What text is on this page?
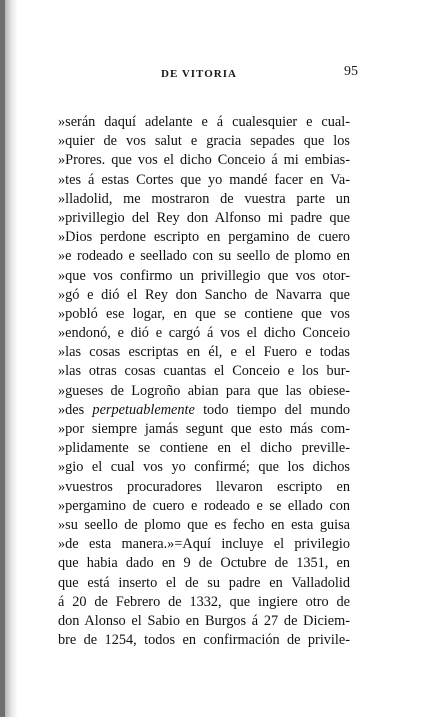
DE VITORIA	95
»serán daquí adelante e á cualesquier e cual-
»quier de vos salut e gracia sepades que los
»Prores. que vos el dicho Conceio á mi embias-
»tes á estas Cortes que yo mandé facer en Va-
»lladolid, me mostraron de vuestra parte un
»privillegio del Rey don Alfonso mi padre que
»Dios perdone escripto en pergamino de cuero
»e rodeado e seellado con su seello de plomo en
»que vos confirmo un privillegio que vos otor-
»gó e dió el Rey don Sancho de Navarra que
»pobló ese logar, en que se contiene que vos
»endonó, e dió e cargó á vos el dicho Conceio
»las cosas escriptas en él, e el Fuero e todas
»las otras cosas cuantas el Conceio e los bur-
»gueses de Logroño abian para que las obiese-
»des perpetuablemente todo tiempo del mundo
»por siempre jamás segunt que esto más com-
»plidamente se contiene en el dicho preville-
»gio el cual vos yo confirmé; que los dichos
»vuestros procuradores llevaron escripto en
»pergamino de cuero e rodeado e se ellado con
»su seello de plomo que es fecho en esta guisa
»de esta manera.»=Aquí incluye el privilegio
que habia dado en 9 de Octubre de 1351, en
que está inserto el de su padre en Valladolid
á 20 de Febrero de 1332, que ingiere otro de
don Alonso el Sabio en Burgos á 27 de Diciem-
bre de 1254, todos en confirmación de privile-
